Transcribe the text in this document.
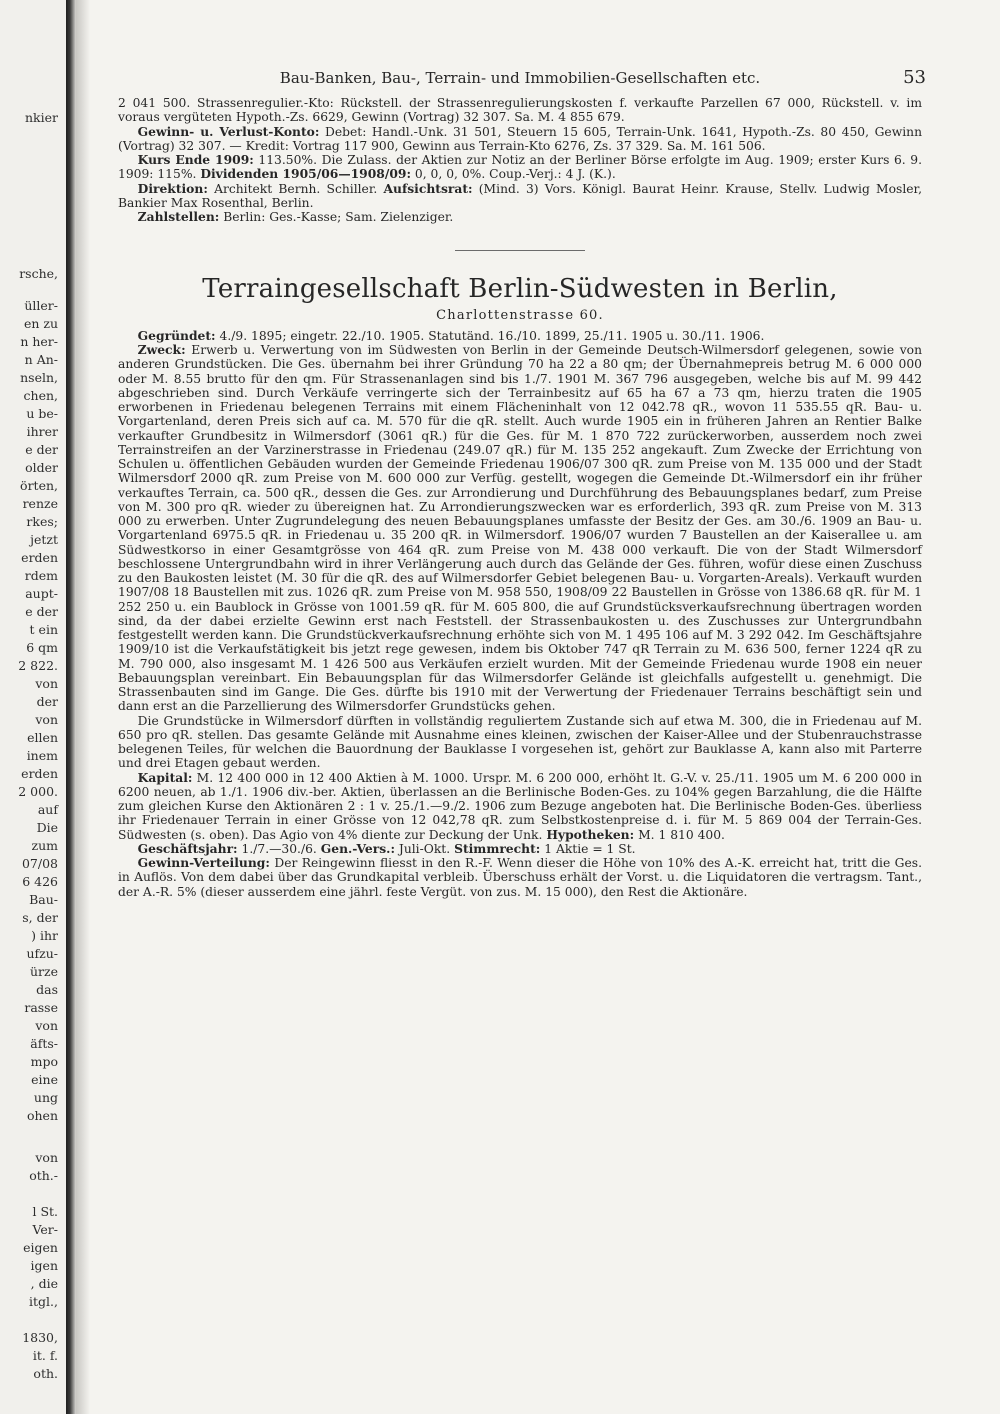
nkier
rsche,
üller-
en zu
n her-
n An-
nseln,
chen,
u be-
ihrer
e der
older
örten,
renze
rkes;
jetzt
erden
rdem
aupt-
e der
t ein
6 qm
2 822.
von
der
von
ellen
inem
erden
2 000.
auf
Die
zum
07/08
6 426
Bau-
s, der
) ihr
ufzu-
ürze
das
rasse
von
äfts-
mpo
eine
ung
ohen
von
oth.-
l St.
Ver-
eigen
igen
, die
itgl.,
1830,
it. f.
oth.
Bau-Banken, Bau-, Terrain- und Immobilien-Gesellschaften etc.	53

2 041 500. Strassenregulier.-Kto: Rückstell. der Strassenregulierungskosten f. verkaufte Parzellen 67 000, Rückstell. v. im voraus vergüteten Hypoth.-Zs. 6629, Gewinn (Vortrag) 32 307. Sa. M. 4 855 679.

Gewinn- u. Verlust-Konto: Debet: Handl.-Unk. 31 501, Steuern 15 605, Terrain-Unk. 1641, Hypoth.-Zs. 80 450, Gewinn (Vortrag) 32 307. — Kredit: Vortrag 117 900, Gewinn aus Terrain-Kto 6276, Zs. 37 329. Sa. M. 161 506.

Kurs Ende 1909: 113.50%. Die Zulass. der Aktien zur Notiz an der Berliner Börse erfolgte im Aug. 1909; erster Kurs 6. 9. 1909: 115%. Dividenden 1905/06—1908/09: 0, 0, 0, 0%. Coup.-Verj.: 4 J. (K.).

Direktion: Architekt Bernh. Schiller. Aufsichtsrat: (Mind. 3) Vors. Königl. Baurat Heinr. Krause, Stellv. Ludwig Mosler, Bankier Max Rosenthal, Berlin.

Zahlstellen: Berlin: Ges.-Kasse; Sam. Zielenziger.

Terraingesellschaft Berlin-Südwesten in Berlin,
Charlottenstrasse 60.

Gegründet: 4./9. 1895; eingetr. 22./10. 1905. Statutänd. 16./10. 1899, 25./11. 1905 u. 30./11. 1906.

Zweck: Erwerb u. Verwertung von im Südwesten von Berlin in der Gemeinde Deutsch-Wilmersdorf gelegenen, sowie von anderen Grundstücken. Die Ges. übernahm bei ihrer Gründung 70 ha 22 a 80 qm; der Übernahmepreis betrug M. 6 000 000 oder M. 8.55 brutto für den qm. Für Strassenanlagen sind bis 1./7. 1901 M. 367 796 ausgegeben, welche bis auf M. 99 442 abgeschrieben sind. Durch Verkäufe verringerte sich der Terrainbesitz auf 65 ha 67 a 73 qm, hierzu traten die 1905 erworbenen in Friedenau belegenen Terrains mit einem Flächeninhalt von 12 042.78 qR., wovon 11 535.55 qR. Bau- u. Vorgartenland, deren Preis sich auf ca. M. 570 für die qR. stellt. Auch wurde 1905 ein in früheren Jahren an Rentier Balke verkaufter Grundbesitz in Wilmersdorf (3061 qR.) für die Ges. für M. 1 870 722 zurückerworben, ausserdem noch zwei Terrainstreifen an der Varzinerstrasse in Friedenau (249.07 qR.) für M. 135 252 angekauft. Zum Zwecke der Errichtung von Schulen u. öffentlichen Gebäuden wurden der Gemeinde Friedenau 1906/07 300 qR. zum Preise von M. 135 000 und der Stadt Wilmersdorf 2000 qR. zum Preise von M. 600 000 zur Verfüg. gestellt, wogegen die Gemeinde Dt.-Wilmersdorf ein ihr früher verkauftes Terrain, ca. 500 qR., dessen die Ges. zur Arrondierung und Durchführung des Bebauungsplanes bedarf, zum Preise von M. 300 pro qR. wieder zu übereignen hat. Zu Arrondierungszwecken war es erforderlich, 393 qR. zum Preise von M. 313 000 zu erwerben. Unter Zugrundelegung des neuen Bebauungsplanes umfasste der Besitz der Ges. am 30./6. 1909 an Bau- u. Vorgartenland 6975.5 qR. in Friedenau u. 35 200 qR. in Wilmersdorf. 1906/07 wurden 7 Baustellen an der Kaiserallee u. am Südwestkorso in einer Gesamtgrösse von 464 qR. zum Preise von M. 438 000 verkauft. Die von der Stadt Wilmersdorf beschlossene Untergrundbahn wird in ihrer Verlängerung auch durch das Gelände der Ges. führen, wofür diese einen Zuschuss zu den Baukosten leistet (M. 30 für die qR. des auf Wilmersdorfer Gebiet belegenen Bau- u. Vorgarten-Areals). Verkauft wurden 1907/08 18 Baustellen mit zus. 1026 qR. zum Preise von M. 958 550, 1908/09 22 Baustellen in Grösse von 1386.68 qR. für M. 1 252 250 u. ein Baublock in Grösse von 1001.59 qR. für M. 605 800, die auf Grundstücksverkaufsrechnung übertragen worden sind, da der dabei erzielte Gewinn erst nach Feststell. der Strassenbaukosten u. des Zuschusses zur Untergrundbahn festgestellt werden kann. Die Grundstückverkaufsrechnung erhöhte sich von M. 1 495 106 auf M. 3 292 042. Im Geschäftsjahre 1909/10 ist die Verkaufstätigkeit bis jetzt rege gewesen, indem bis Oktober 747 qR Terrain zu M. 636 500, ferner 1224 qR zu M. 790 000, also insgesamt M. 1 426 500 aus Verkäufen erzielt wurden. Mit der Gemeinde Friedenau wurde 1908 ein neuer Bebauungsplan vereinbart. Ein Bebauungsplan für das Wilmersdorfer Gelände ist gleichfalls aufgestellt u. genehmigt. Die Strassenbauten sind im Gange. Die Ges. dürfte bis 1910 mit der Verwertung der Friedenauer Terrains beschäftigt sein und dann erst an die Parzellierung des Wilmersdorfer Grundstücks gehen.

Die Grundstücke in Wilmersdorf dürften in vollständig reguliertem Zustande sich auf etwa M. 300, die in Friedenau auf M. 650 pro qR. stellen. Das gesamte Gelände mit Ausnahme eines kleinen, zwischen der Kaiser-Allee und der Stubenrauchstrasse belegenen Teiles, für welchen die Bauordnung der Bauklasse I vorgesehen ist, gehört zur Bauklasse A, kann also mit Parterre und drei Etagen gebaut werden.

Kapital: M. 12 400 000 in 12 400 Aktien à M. 1000. Urspr. M. 6 200 000, erhöht lt. G.-V. v. 25./11. 1905 um M. 6 200 000 in 6200 neuen, ab 1./1. 1906 div.-ber. Aktien, überlassen an die Berlinische Boden-Ges. zu 104% gegen Barzahlung, die die Hälfte zum gleichen Kurse den Aktionären 2 : 1 v. 25./1.—9./2. 1906 zum Bezuge angeboten hat. Die Berlinische Boden-Ges. überliess ihr Friedenauer Terrain in einer Grösse von 12 042,78 qR. zum Selbstkostenpreise d. i. für M. 5 869 004 der Terrain-Ges. Südwesten (s. oben). Das Agio von 4% diente zur Deckung der Unk. Hypotheken: M. 1 810 400.

Geschäftsjahr: 1./7.—30./6. Gen.-Vers.: Juli-Okt. Stimmrecht: 1 Aktie = 1 St.

Gewinn-Verteilung: Der Reingewinn fliesst in den R.-F. Wenn dieser die Höhe von 10% des A.-K. erreicht hat, tritt die Ges. in Auflös. Von dem dabei über das Grundkapital verbleib. Überschuss erhält der Vorst. u. die Liquidatoren die vertragsm. Tant., der A.-R. 5% (dieser ausserdem eine jährl. feste Vergüt. von zus. M. 15 000), den Rest die Aktionäre.
